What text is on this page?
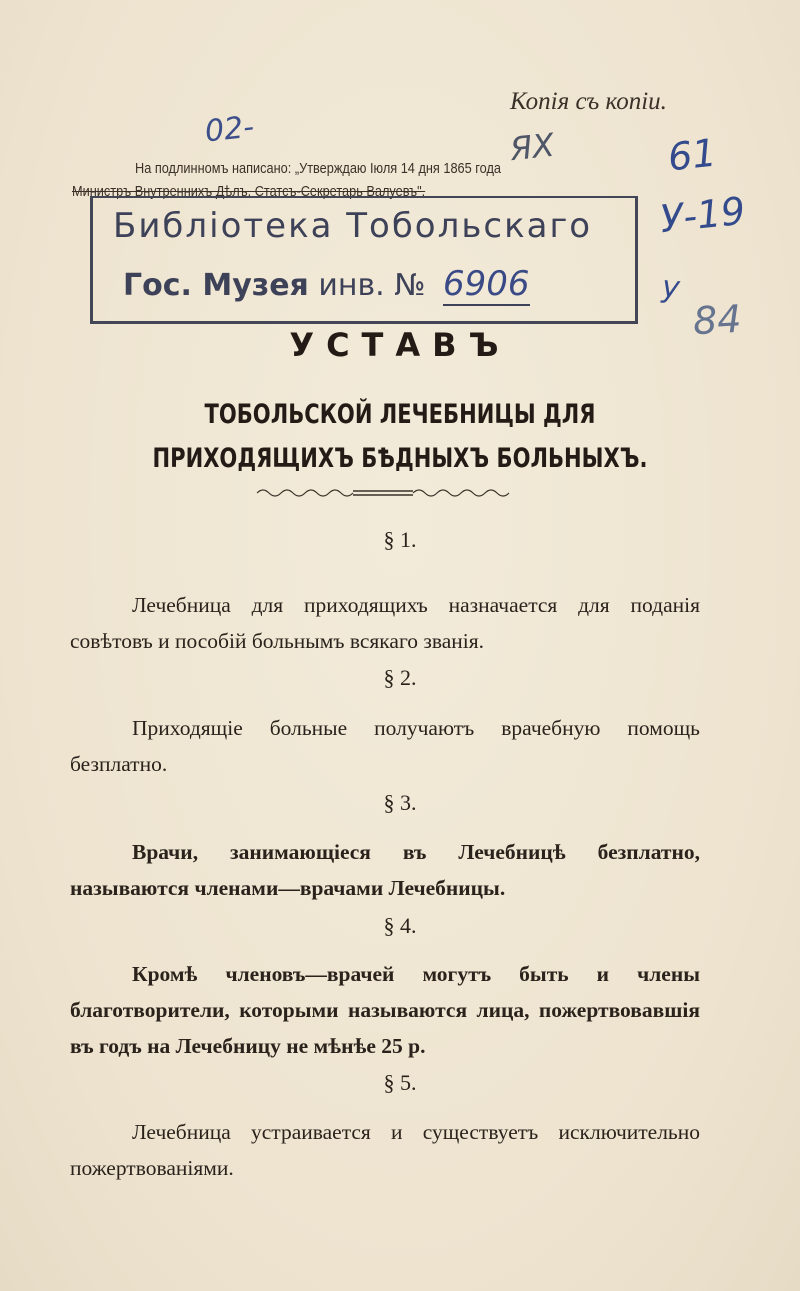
Копія съ копіи.
02-	ЯХ	61
У-19
у
84
На подлинномъ написано: „Утверждаю Іюля 14 дня 1865 года
Министръ Внутреннихъ Дѣлъ, Статсъ-Секретарь Валуевъ".
Библіотека Тобольскаго
Гос. Музея инв. № 6906
УСТАВЪ
ТОБОЛЬСКОЙ ЛЕЧЕБНИЦЫ ДЛЯ ПРИХОДЯЩИХЪ БѢДНЫХЪ БОЛЬНЫХЪ.
§ 1.
Лечебница для приходящихъ назначается для поданія совѣтовъ и пособій больнымъ всякаго званія.
§ 2.
Приходящіе больные получаютъ врачебную помощь безплатно.
§ 3.
Врачи, занимающіеся въ Лечебницѣ безплатно, называются членами—врачами Лечебницы.
§ 4.
Кромѣ членовъ—врачей могутъ быть и члены благотворители, которыми называются лица, пожертвовавшія въ годъ на Лечебницу не мѣнѣе 25 р.
§ 5.
Лечебница устраивается и существуетъ исключительно пожертвованіями.
